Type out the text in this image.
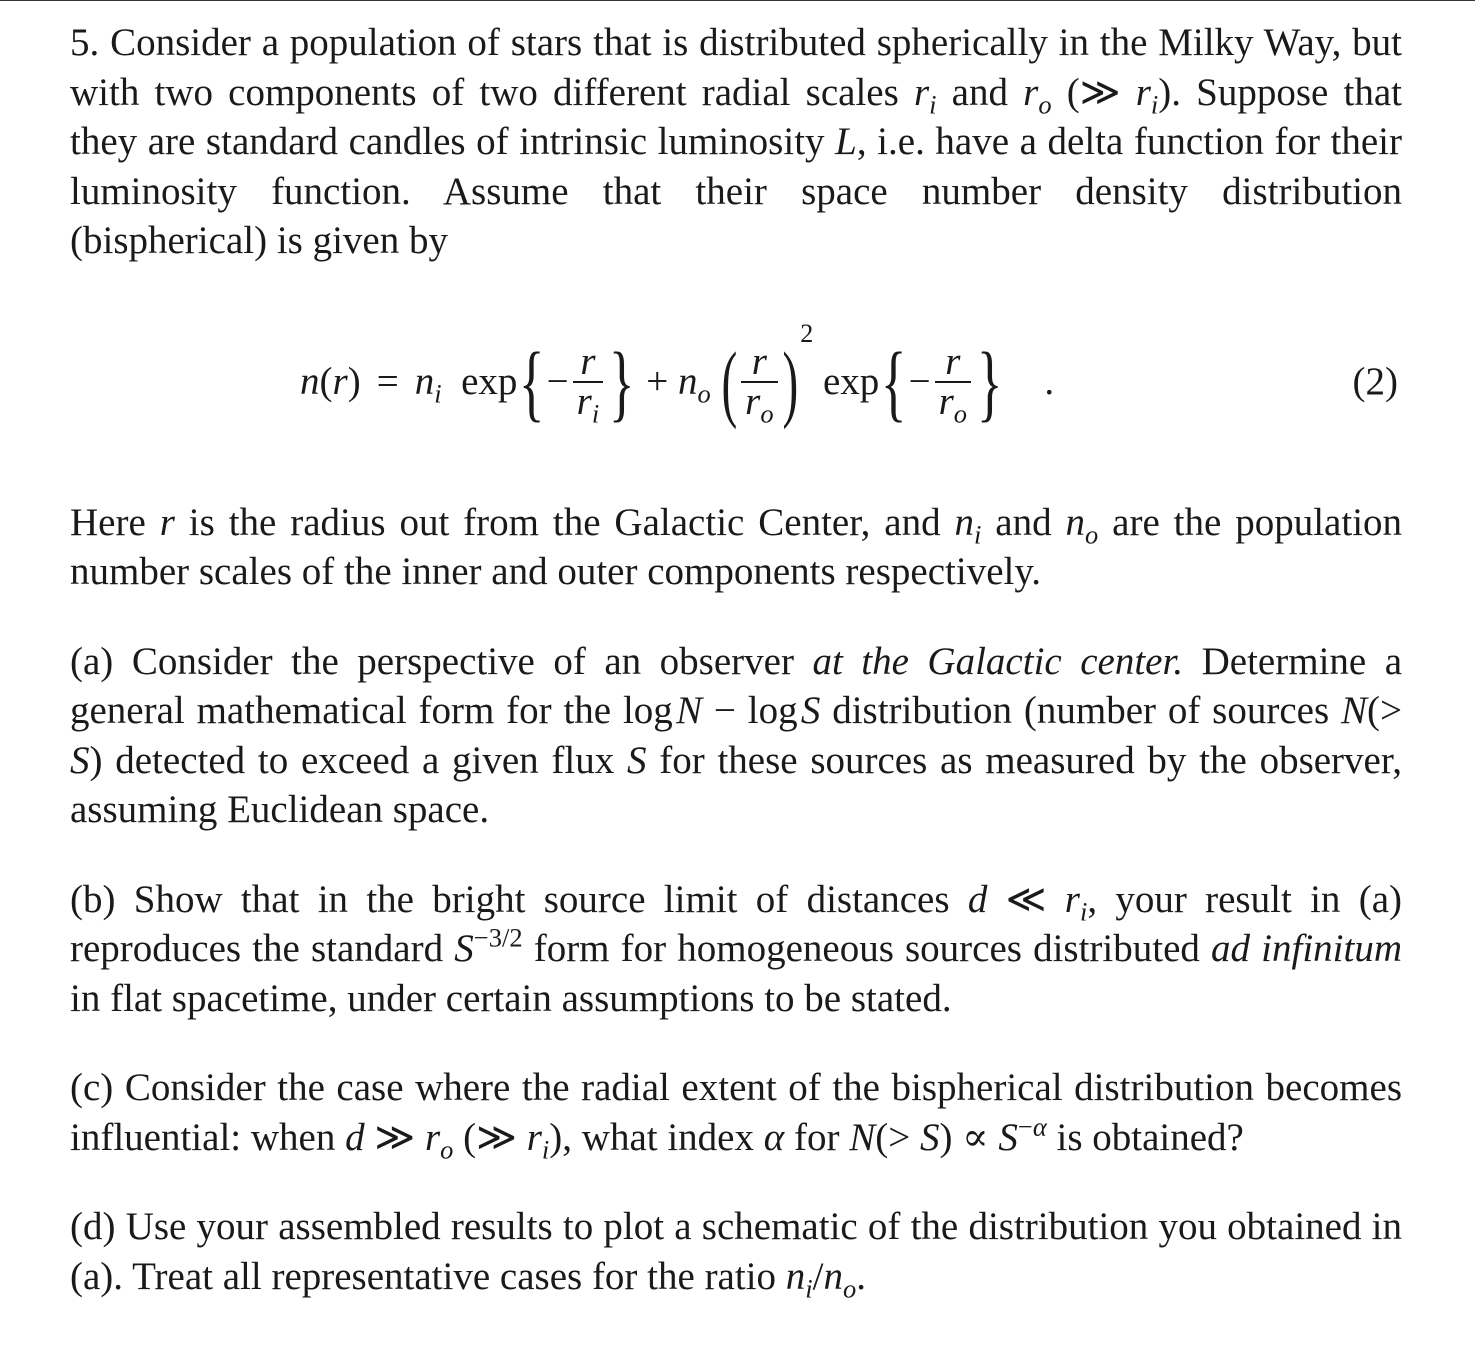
5. Consider a population of stars that is distributed spherically in the Milky Way, but with two components of two different radial scales $r_i$ and $r_o$ (≫ $r_i$). Suppose that they are standard candles of intrinsic luminosity L, i.e. have a delta function for their luminosity function. Assume that their space number density distribution (bispherical) is given by

n ( r )
= $n_i$ exp { − $\frac{r}{r_i}$ } + $n_o$
( $\frac{r}{r_o}$ )
2
exp { − $\frac{r}{r_o}$ } .	(2)

Here r is the radius out from the Galactic Center, and $n_i$ and $n_o$ are the population number scales of the inner and outer components respectively.

(a) Consider the perspective of an observer at the Galactic center. Determine a general mathematical form for the log N − log S distribution (number of sources N(> S) detected to exceed a given flux S for these sources as measured by the observer, assuming Euclidean space.

(b) Show that in the bright source limit of distances d ≪ $r_i$, your result in (a) reproduces the standard $S^{-3/2}$ form for homogeneous sources distributed ad infinitum in flat spacetime, under certain assumptions to be stated.

(c) Consider the case where the radial extent of the bispherical distribution becomes influential: when d ≫ $r_o$ (≫ $r_i$), what index α for $N(> S) \propto S^{-\alpha}$ is obtained?

(d) Use your assembled results to plot a schematic of the distribution you obtained in (a). Treat all representative cases for the ratio $n_i/n_o$.
